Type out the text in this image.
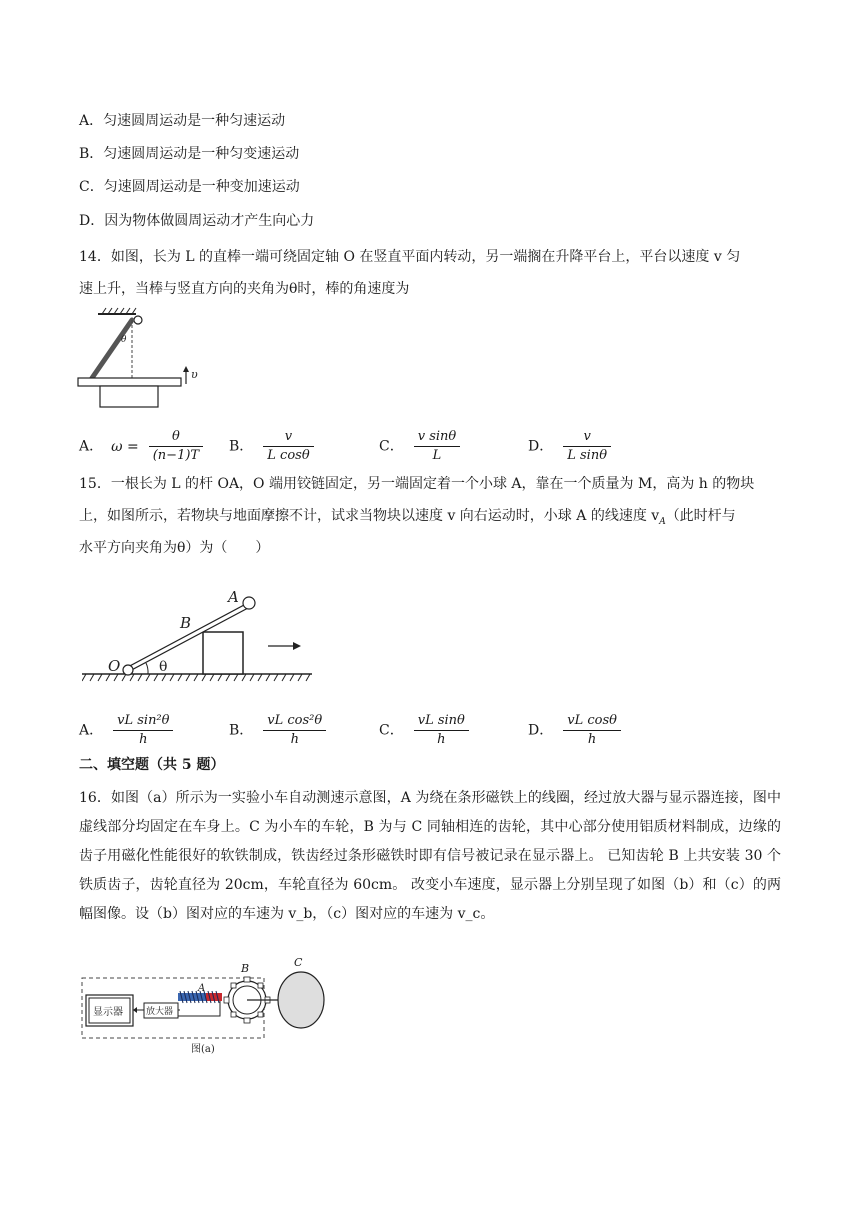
A．匀速圆周运动是一种匀速运动
B．匀速圆周运动是一种匀变速运动
C．匀速圆周运动是一种变加速运动
D．因为物体做圆周运动才产生向心力
14．如图，长为 L 的直棒一端可绕固定轴 O 在竖直平面内转动，另一端搁在升降平台上，平台以速度 v 匀
速上升，当棒与竖直方向的夹角为θ时，棒的角速度为
θ
υ
A． $\omega = \frac{\theta}{(n-1)T}$ B． $\frac{v}{\text{L cosθ}}$	C． $\frac{\text{v sinθ}}{L}$	D． $\frac{v}{\text{L sinθ}}$
15．一根长为 L 的杆 OA，O 端用铰链固定，另一端固定着一个小球 A，靠在一个质量为 M，高为 h 的物块
上，如图所示，若物块与地面摩擦不计，试求当物块以速度 v 向右运动时，小球 A 的线速度 $v_A$（此时杆与
水平方向夹角为θ）为（　　）
A
B
O	θ
A． $\frac{\text{vL sin²θ}}{h}$	B． $\frac{\text{vL cos²θ}}{h}$	C． $\frac{\text{vL sinθ}}{h}$	D． $\frac{\text{vL cosθ}}{h}$
二、填空题（共 5 题）
16．如图（a）所示为一实验小车自动测速示意图，A 为绕在条形磁铁上的线圈，经过放大器与显示器连接，图中虚线部分均固定在车身上。C 为小车的车轮，B 为与 C 同轴相连的齿轮，其中心部分使用铝质材料制成，边缘的齿子用磁化性能很好的软铁制成，铁齿经过条形磁铁时即有信号被记录在显示器上。 已知齿轮 B 上共安装 30 个铁质齿子，齿轮直径为 20cm，车轮直径为 60cm。 改变小车速度，显示器上分别呈现了如图（b）和（c）的两幅图像。设（b）图对应的车速为 v_b，（c）图对应的车速为 v_c。
显示器	放大器
A
B	C
图(a)
